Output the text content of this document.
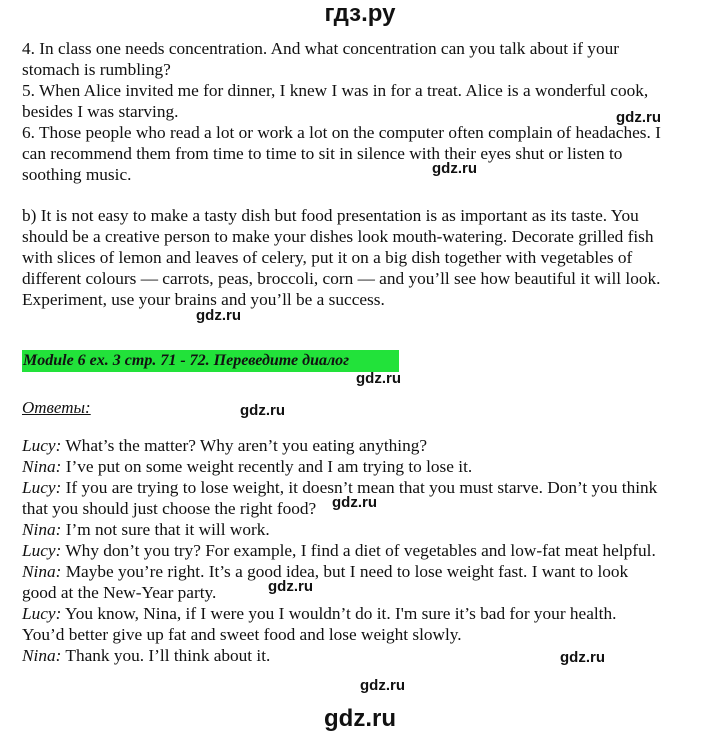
гдз.ру
4. In class one needs concentration. And what concentration can you talk about if your
stomach is rumbling?
5. When Alice invited me for dinner, I knew I was in for a treat. Alice is a wonderful cook,
besides I was starving.
6. Those people who read a lot or work a lot on the computer often complain of headaches. I
can recommend them from time to time to sit in silence with their eyes shut or listen to
soothing music.
b) It is not easy to make a tasty dish but food presentation is as important as its taste. You
should be a creative person to make your dishes look mouth-watering. Decorate grilled fish
with slices of lemon and leaves of celery, put it on a big dish together with vegetables of
different colours — carrots, peas, broccoli, corn — and you’ll see how beautiful it will look.
Experiment, use your brains and you’ll be a success.
Module 6 ex. 3 стр. 71 - 72. Переведите диалог
Ответы:
Lucy: What’s the matter? Why aren’t you eating anything?
Nina: I’ve put on some weight recently and I am trying to lose it.
Lucy: If you are trying to lose weight, it doesn’t mean that you must starve. Don’t you think
that you should just choose the right food?
Nina: I’m not sure that it will work.
Lucy: Why don’t you try? For example, I find a diet of vegetables and low-fat meat helpful.
Nina: Maybe you’re right. It’s a good idea, but I need to lose weight fast. I want to look
good at the New-Year party.
Lucy: You know, Nina, if I were you I wouldn’t do it. I'm sure it’s bad for your health.
You’d better give up fat and sweet food and lose weight slowly.
Nina: Thank you. I’ll think about it.
gdz.ru
gdz.ru
gdz.ru
gdz.ru
gdz.ru
gdz.ru
gdz.ru
gdz.ru
gdz.ru
gdz.ru
